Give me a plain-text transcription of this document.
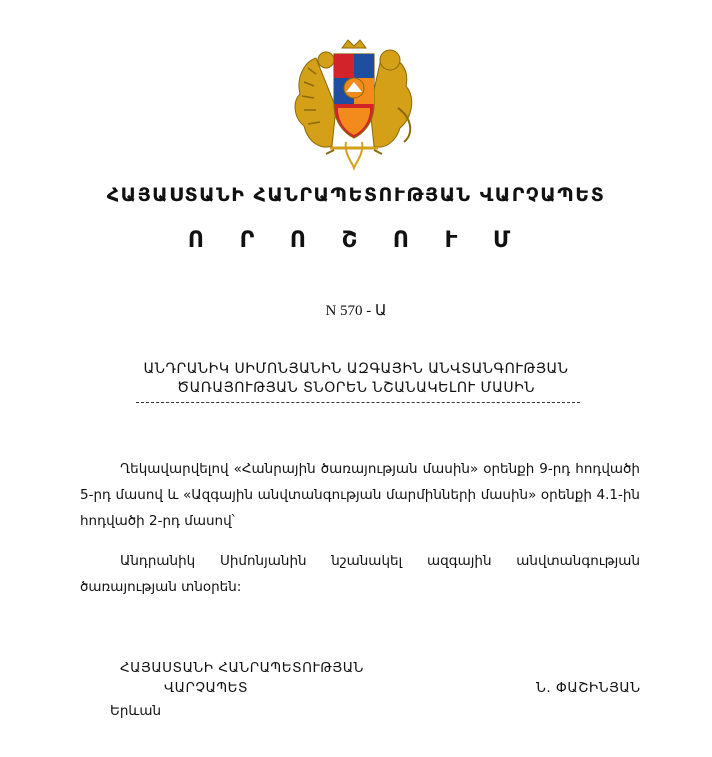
ՀԱՅԱՍՏԱՆԻ ՀԱՆՐԱՊԵՏՈՒԹՅԱՆ ՎԱՐՉԱՊԵՏ
Ո Ր Ո Շ Ո Ւ Մ
N 570 - Ա
ԱՆԴՐԱՆԻԿ ՍԻՄՈՆՅԱՆԻՆ ԱԶԳԱՅԻՆ ԱՆՎՏԱՆԳՈՒԹՅԱՆ
ԾԱՌԱՅՈՒԹՅԱՆ ՏՆՕՐԵՆ ՆՇԱՆԱԿԵԼՈՒ ՄԱՍԻՆ

Ղեկավարվելով «Հանրային ծառայության մասին» օրենքի 9-րդ հոդվածի 5-րդ մասով և «Ազգային անվտանգության մարմինների մասին» օրենքի 4.1-ին հոդվածի 2-րդ մասով՝

Անդրանիկ Սիմոնյանին նշանակել ազգային անվտանգության ծառայության տնօրեն:

ՀԱՅԱՍՏԱՆԻ ՀԱՆՐԱՊԵՏՈՒԹՅԱՆ
ՎԱՐՉԱՊԵՏ	Ն. ՓԱՇԻՆՅԱՆ
Երևան
